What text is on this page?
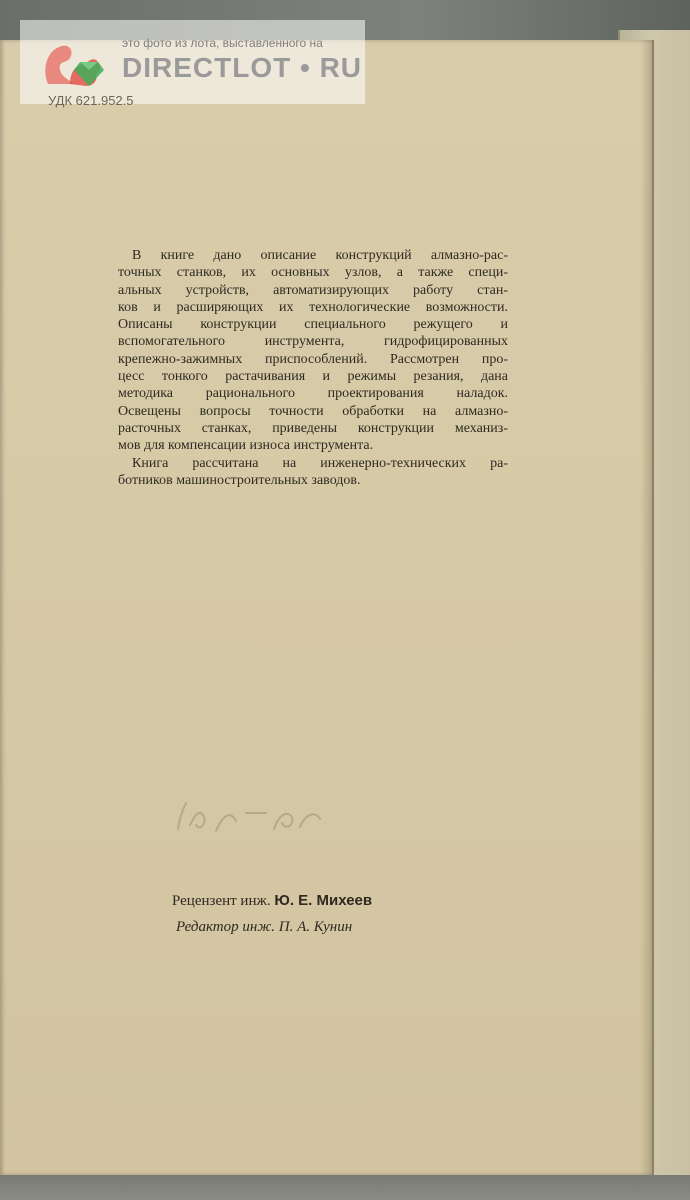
это фото из лота, выставленного на
DIRECTLOT • RU
УДК 621.952.5
В книге дано описание конструкций алмазно-рас-
точных станков, их основных узлов, а также специ-
альных устройств, автоматизирующих работу стан-
ков и расширяющих их технологические возможности.
Описаны конструкции специального режущего и
вспомогательного инструмента, гидрофицированных
крепежно-зажимных приспособлений. Рассмотрен про-
цесс тонкого растачивания и режимы резания, дана
методика рационального проектирования наладок.
Освещены вопросы точности обработки на алмазно-
расточных станках, приведены конструкции механиз-
мов для компенсации износа инструмента.
Книга рассчитана на инженерно-технических ра-
ботников машиностроительных заводов.
Рецензент инж. Ю. Е. Михеев
Редактор инж. П. А. Кунин
